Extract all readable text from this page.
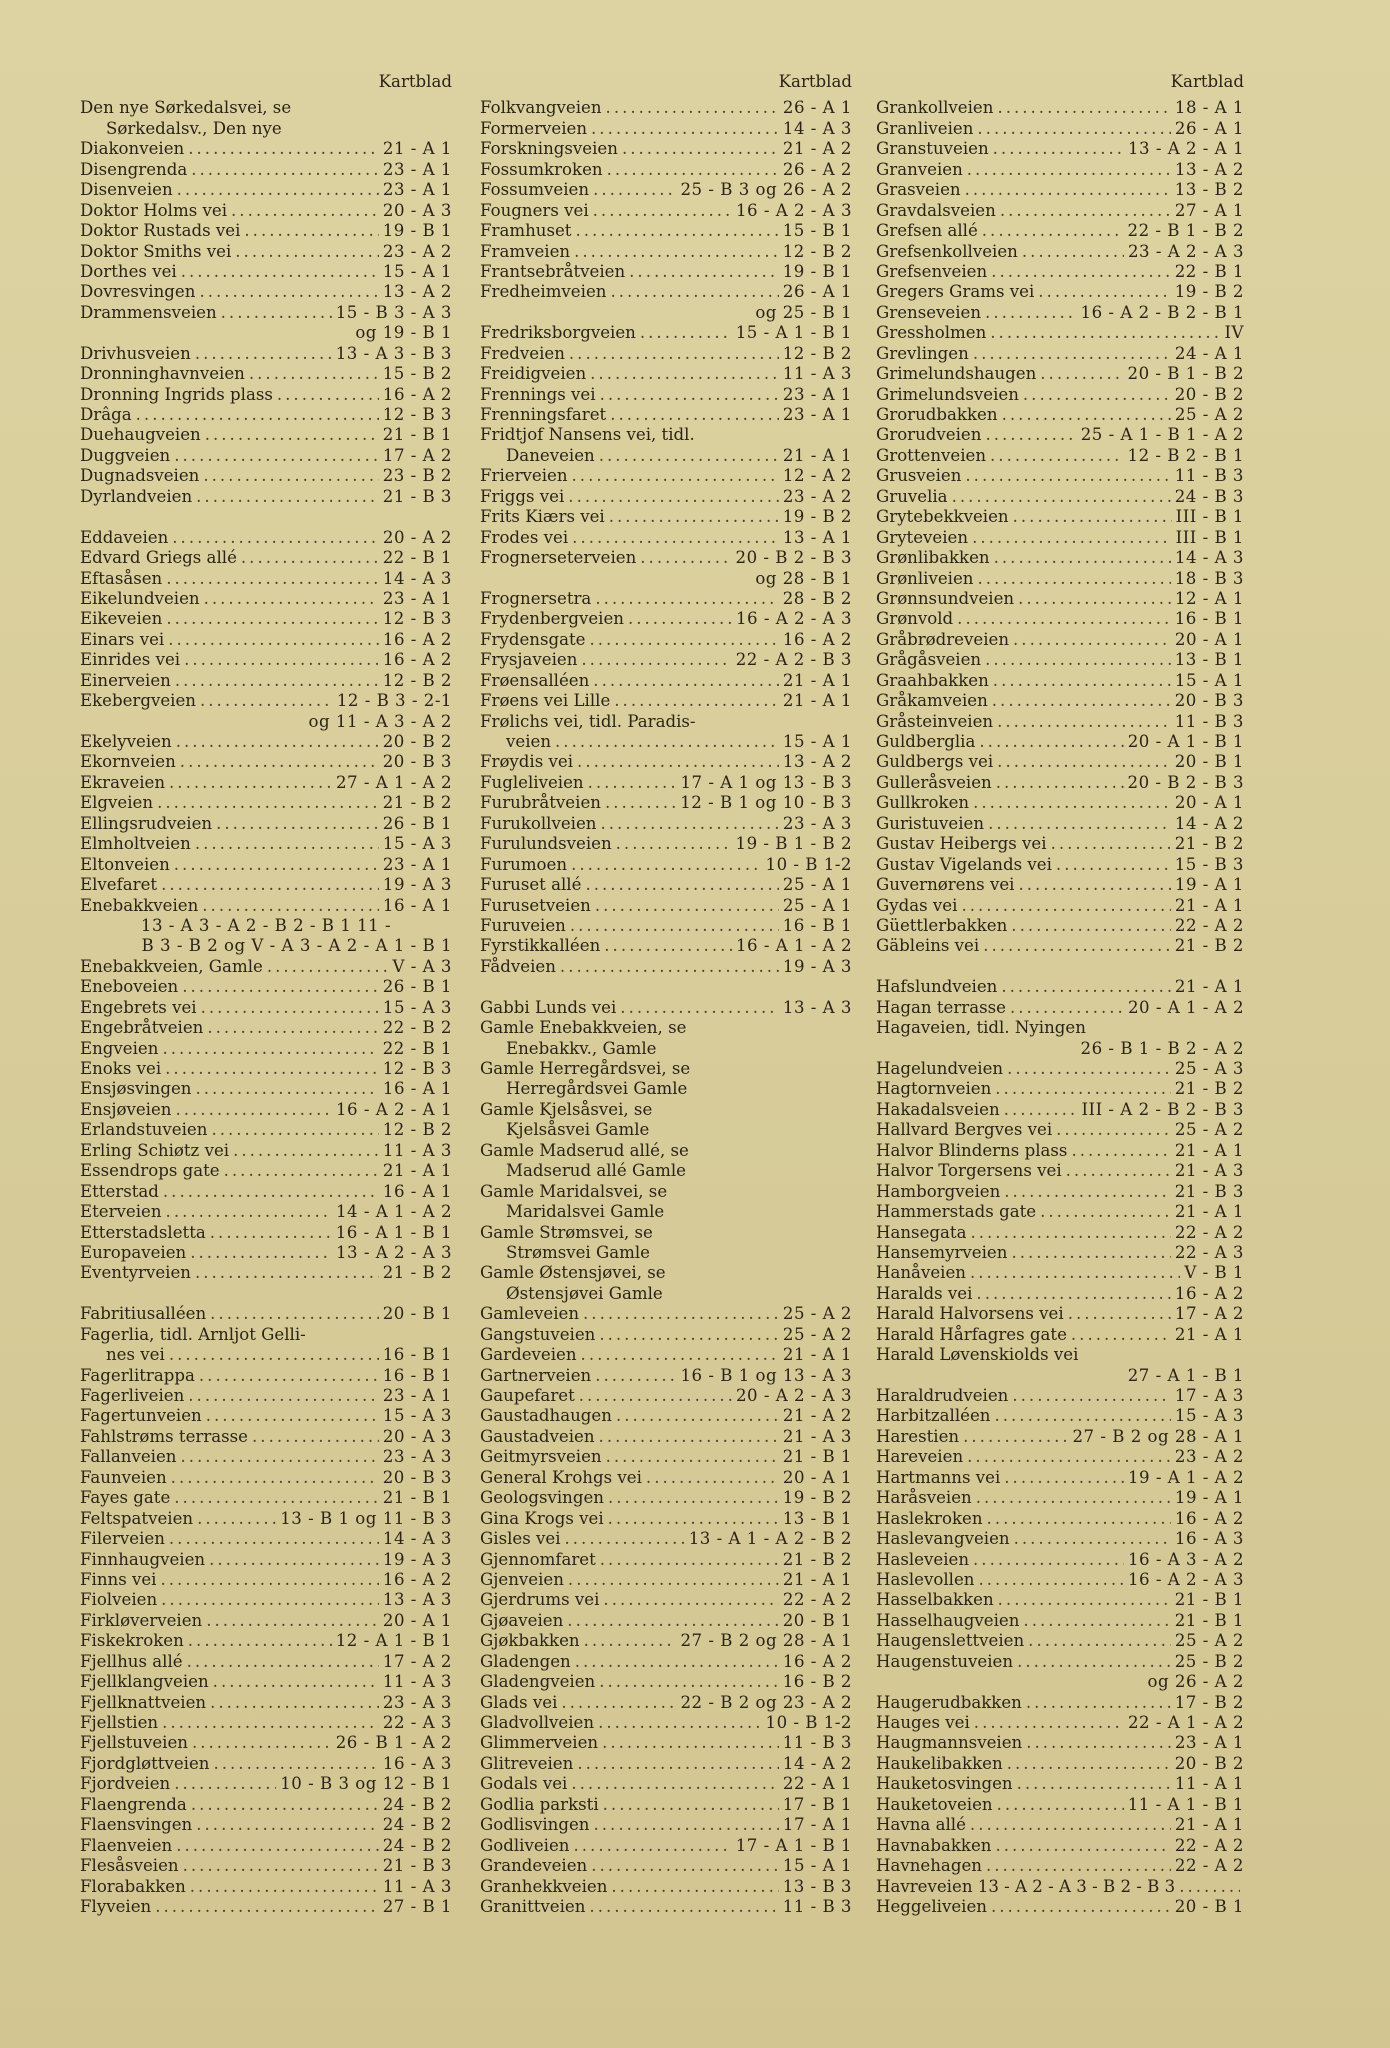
Kartblad
Den nye Sørkedalsvei, se
Sørkedalsv., Den nye
Diakonveien .....	21 - A 1
Disengrenda .....	23 - A 1
Disenveien .....	23 - A 1
Doktor Holms vei .....	20 - A 3
Doktor Rustads vei .....	19 - B 1
Doktor Smiths vei .....	23 - A 2
Dorthes vei .....	15 - A 1
Dovresvingen .....	13 - A 2
Drammensveien .....	15 - B 3 - A 3
og 19 - B 1
Drivhusveien .....	13 - A 3 - B 3
Dronninghavnveien .....	15 - B 2
Dronning Ingrids plass .....	16 - A 2
Drâga .....	12 - B 3
Duehaugveien .....	21 - B 1
Duggveien .....	17 - A 2
Dugnadsveien .....	23 - B 2
Dyrlandveien .....	21 - B 3
Eddaveien .....	20 - A 2
Edvard Griegs allé .....	22 - B 1
Eftasåsen .....	14 - A 3
Eikelundveien .....	23 - A 1
Eikeveien .....	12 - B 3
Einars vei .....	16 - A 2
Einrides vei .....	16 - A 2
Einerveien .....	12 - B 2
Ekebergveien .....	12 - B 3 - 2-1
og 11 - A 3 - A 2
Ekelyveien .....	20 - B 2
Ekornveien .....	20 - B 3
Ekraveien .....	27 - A 1 - A 2
Elgveien .....	21 - B 2
Ellingsrudveien .....	26 - B 1
Elmholtveien .....	15 - A 3
Eltonveien .....	23 - A 1
Elvefaret .....	19 - A 3
Enebakkveien .....	16 - A 1
13 - A 3 - A 2 - B 2 - B 1 11 -
B 3 - B 2 og V - A 3 - A 2 - A 1 - B 1
Enebakkveien, Gamle .....	V - A 3
Eneboveien .....	26 - B 1
Engebrets vei .....	15 - A 3
Engebråtveien .....	22 - B 2
Engveien .....	22 - B 1
Enoks vei .....	12 - B 3
Ensjøsvingen .....	16 - A 1
Ensjøveien .....	16 - A 2 - A 1
Erlandstuveien .....	12 - B 2
Erling Schiøtz vei .....	11 - A 3
Essendrops gate .....	21 - A 1
Etterstad .....	16 - A 1
Eterveien .....	14 - A 1 - A 2
Etterstadsletta .....	16 - A 1 - B 1
Europaveien .....	13 - A 2 - A 3
Eventyrveien .....	21 - B 2
Fabritiusalléen .....	20 - B 1
Fagerlia, tidl. Arnljot Gelli-
nes vei .....	16 - B 1
Fagerlitrappa .....	16 - B 1
Fagerliveien .....	23 - A 1
Fagertunveien .....	15 - A 3
Fahlstrøms terrasse .....	20 - A 3
Fallanveien .....	23 - A 3
Faunveien .....	20 - B 3
Fayes gate .....	21 - B 1
Feltspatveien .....	13 - B 1 og 11 - B 3
Filerveien .....	14 - A 3
Finnhaugveien .....	19 - A 3
Finns vei .....	16 - A 2
Fiolveien .....	13 - A 3
Firkløverveien .....	20 - A 1
Fiskekroken .....	12 - A 1 - B 1
Fjellhus allé .....	17 - A 2
Fjellklangveien .....	11 - A 3
Fjellknattveien .....	23 - A 3
Fjellstien .....	22 - A 3
Fjellstuveien .....	26 - B 1 - A 2
Fjordgløttveien .....	16 - A 3
Fjordveien .....	10 - B 3 og 12 - B 1
Flaengrenda .....	24 - B 2
Flaensvingen .....	24 - B 2
Flaenveien .....	24 - B 2
Flesåsveien .....	21 - B 3
Florabakken .....	11 - A 3
Flyveien .....	27 - B 1
Kartblad
Folkvangveien .....	26 - A 1
Formerveien .....	14 - A 3
Forskningsveien .....	21 - A 2
Fossumkroken .....	26 - A 2
Fossumveien .....	25 - B 3 og 26 - A 2
Fougners vei .....	16 - A 2 - A 3
Framhuset .....	15 - B 1
Framveien .....	12 - B 2
Frantsebråtveien .....	19 - B 1
Fredheimveien .....	26 - A 1
og 25 - B 1
Fredriksborgveien .....	15 - A 1 - B 1
Fredveien .....	12 - B 2
Freidigveien .....	11 - A 3
Frennings vei .....	23 - A 1
Frenningsfaret .....	23 - A 1
Fridtjof Nansens vei, tidl.
Daneveien .....	21 - A 1
Frierveien .....	12 - A 2
Friggs vei .....	23 - A 2
Frits Kiærs vei .....	19 - B 2
Frodes vei .....	13 - A 1
Frognerseterveien .....	20 - B 2 - B 3
og 28 - B 1
Frognersetra .....	28 - B 2
Frydenbergveien .....	16 - A 2 - A 3
Frydensgate .....	16 - A 2
Frysjaveien .....	22 - A 2 - B 3
Frøensalléen .....	21 - A 1
Frøens vei Lille .....	21 - A 1
Frølichs vei, tidl. Paradis-
veien .....	15 - A 1
Frøydis vei .....	13 - A 2
Fugleliveien .....	17 - A 1 og 13 - B 3
Furubråtveien .....	12 - B 1 og 10 - B 3
Furukollveien .....	23 - A 3
Furulundsveien .....	19 - B 1 - B 2
Furumoen .....	10 - B 1-2
Furuset allé .....	25 - A 1
Furusetveien .....	25 - A 1
Furuveien .....	16 - B 1
Fyrstikkalléen .....	16 - A 1 - A 2
Fådveien .....	19 - A 3
Gabbi Lunds vei .....	13 - A 3
Gamle Enebakkveien, se
Enebakkv., Gamle
Gamle Herregårdsvei, se
Herregårdsvei Gamle
Gamle Kjelsåsvei, se
Kjelsåsvei Gamle
Gamle Madserud allé, se
Madserud allé Gamle
Gamle Maridalsvei, se
Maridalsvei Gamle
Gamle Strømsvei, se
Strømsvei Gamle
Gamle Østensjøvei, se
Østensjøvei Gamle
Gamleveien .....	25 - A 2
Gangstuveien .....	25 - A 2
Gardeveien .....	21 - A 1
Gartnerveien .....	16 - B 1 og 13 - A 3
Gaupefaret .....	20 - A 2 - A 3
Gaustadhaugen .....	21 - A 2
Gaustadveien .....	21 - A 3
Geitmyrsveien .....	21 - B 1
General Krohgs vei .....	20 - A 1
Geologsvingen .....	19 - B 2
Gina Krogs vei .....	13 - B 1
Gisles vei .....	13 - A 1 - A 2 - B 2
Gjennomfaret .....	21 - B 2
Gjenveien .....	21 - A 1
Gjerdrums vei .....	22 - A 2
Gjøaveien .....	20 - B 1
Gjøkbakken .....	27 - B 2 og 28 - A 1
Gladengen .....	16 - A 2
Gladengveien .....	16 - B 2
Glads vei .....	22 - B 2 og 23 - A 2
Gladvollveien .....	10 - B 1-2
Glimmerveien .....	11 - B 3
Glitreveien .....	14 - A 2
Godals vei .....	22 - A 1
Godlia parksti .....	17 - B 1
Godlisvingen .....	17 - A 1
Godliveien .....	17 - A 1 - B 1
Grandeveien .....	15 - A 1
Granhekkveien .....	13 - B 3
Granittveien .....	11 - B 3
Kartblad
Grankollveien .....	18 - A 1
Granliveien .....	26 - A 1
Granstuveien .....	13 - A 2 - A 1
Granveien .....	13 - A 2
Grasveien .....	13 - B 2
Gravdalsveien .....	27 - A 1
Grefsen allé .....	22 - B 1 - B 2
Grefsenkollveien .....	23 - A 2 - A 3
Grefsenveien .....	22 - B 1
Gregers Grams vei .....	19 - B 2
Grenseveien .....	16 - A 2 - B 2 - B 1
Gressholmen .....	IV
Grevlingen .....	24 - A 1
Grimelundshaugen .....	20 - B 1 - B 2
Grimelundsveien .....	20 - B 2
Grorudbakken .....	25 - A 2
Grorudveien .....	25 - A 1 - B 1 - A 2
Grottenveien .....	12 - B 2 - B 1
Grusveien .....	11 - B 3
Gruvelia .....	24 - B 3
Grytebekkveien .....	III - B 1
Gryteveien .....	III - B 1
Grønlibakken .....	14 - A 3
Grønliveien .....	18 - B 3
Grønnsundveien .....	12 - A 1
Grønvold .....	16 - B 1
Gråbrødreveien .....	20 - A 1
Grågåsveien .....	13 - B 1
Graahbakken .....	15 - A 1
Gråkamveien .....	20 - B 3
Gråsteinveien .....	11 - B 3
Guldberglia .....	20 - A 1 - B 1
Guldbergs vei .....	20 - B 1
Gulleråsveien .....	20 - B 2 - B 3
Gullkroken .....	20 - A 1
Guristuveien .....	14 - A 2
Gustav Heibergs vei .....	21 - B 2
Gustav Vigelands vei .....	15 - B 3
Guvernørens vei .....	19 - A 1
Gydas vei .....	21 - A 1
Güettlerbakken .....	22 - A 2
Gäbleins vei .....	21 - B 2
Hafslundveien .....	21 - A 1
Hagan terrasse .....	20 - A 1 - A 2
Hagaveien, tidl. Nyingen
26 - B 1 - B 2 - A 2
Hagelundveien .....	25 - A 3
Hagtornveien .....	21 - B 2
Hakadalsveien .....	III - A 2 - B 2 - B 3
Hallvard Bergves vei .....	25 - A 2
Halvor Blinderns plass .....	21 - A 1
Halvor Torgersens vei .....	21 - A 3
Hamborgveien .....	21 - B 3
Hammerstads gate .....	21 - A 1
Hansegata .....	22 - A 2
Hansemyrveien .....	22 - A 3
Hanåveien .....	V - B 1
Haralds vei .....	16 - A 2
Harald Halvorsens vei .....	17 - A 2
Harald Hårfagres gate .....	21 - A 1
Harald Løvenskiolds vei
27 - A 1 - B 1
Haraldrudveien .....	17 - A 3
Harbitzalléen .....	15 - A 3
Harestien .....	27 - B 2 og 28 - A 1
Hareveien .....	23 - A 2
Hartmanns vei .....	19 - A 1 - A 2
Haråsveien .....	19 - A 1
Haslekroken .....	16 - A 2
Haslevangveien .....	16 - A 3
Hasleveien .....	16 - A 3 - A 2
Haslevollen .....	16 - A 2 - A 3
Hasselbakken .....	21 - B 1
Hasselhaugveien .....	21 - B 1
Haugenslettveien .....	25 - A 2
Haugenstuveien .....	25 - B 2
og 26 - A 2
Haugerudbakken .....	17 - B 2
Hauges vei .....	22 - A 1 - A 2
Haugmannsveien .....	23 - A 1
Haukelibakken .....	20 - B 2
Hauketosvingen .....	11 - A 1
Hauketoveien .....	11 - A 1 - B 1
Havna allé .....	21 - A 1
Havnabakken .....	22 - A 2
Havnehagen .....	22 - A 2
Havreveien 13 - A 2 - A 3 - B 2 - B 3
.....
Heggeliveien .....	20 - B 1
